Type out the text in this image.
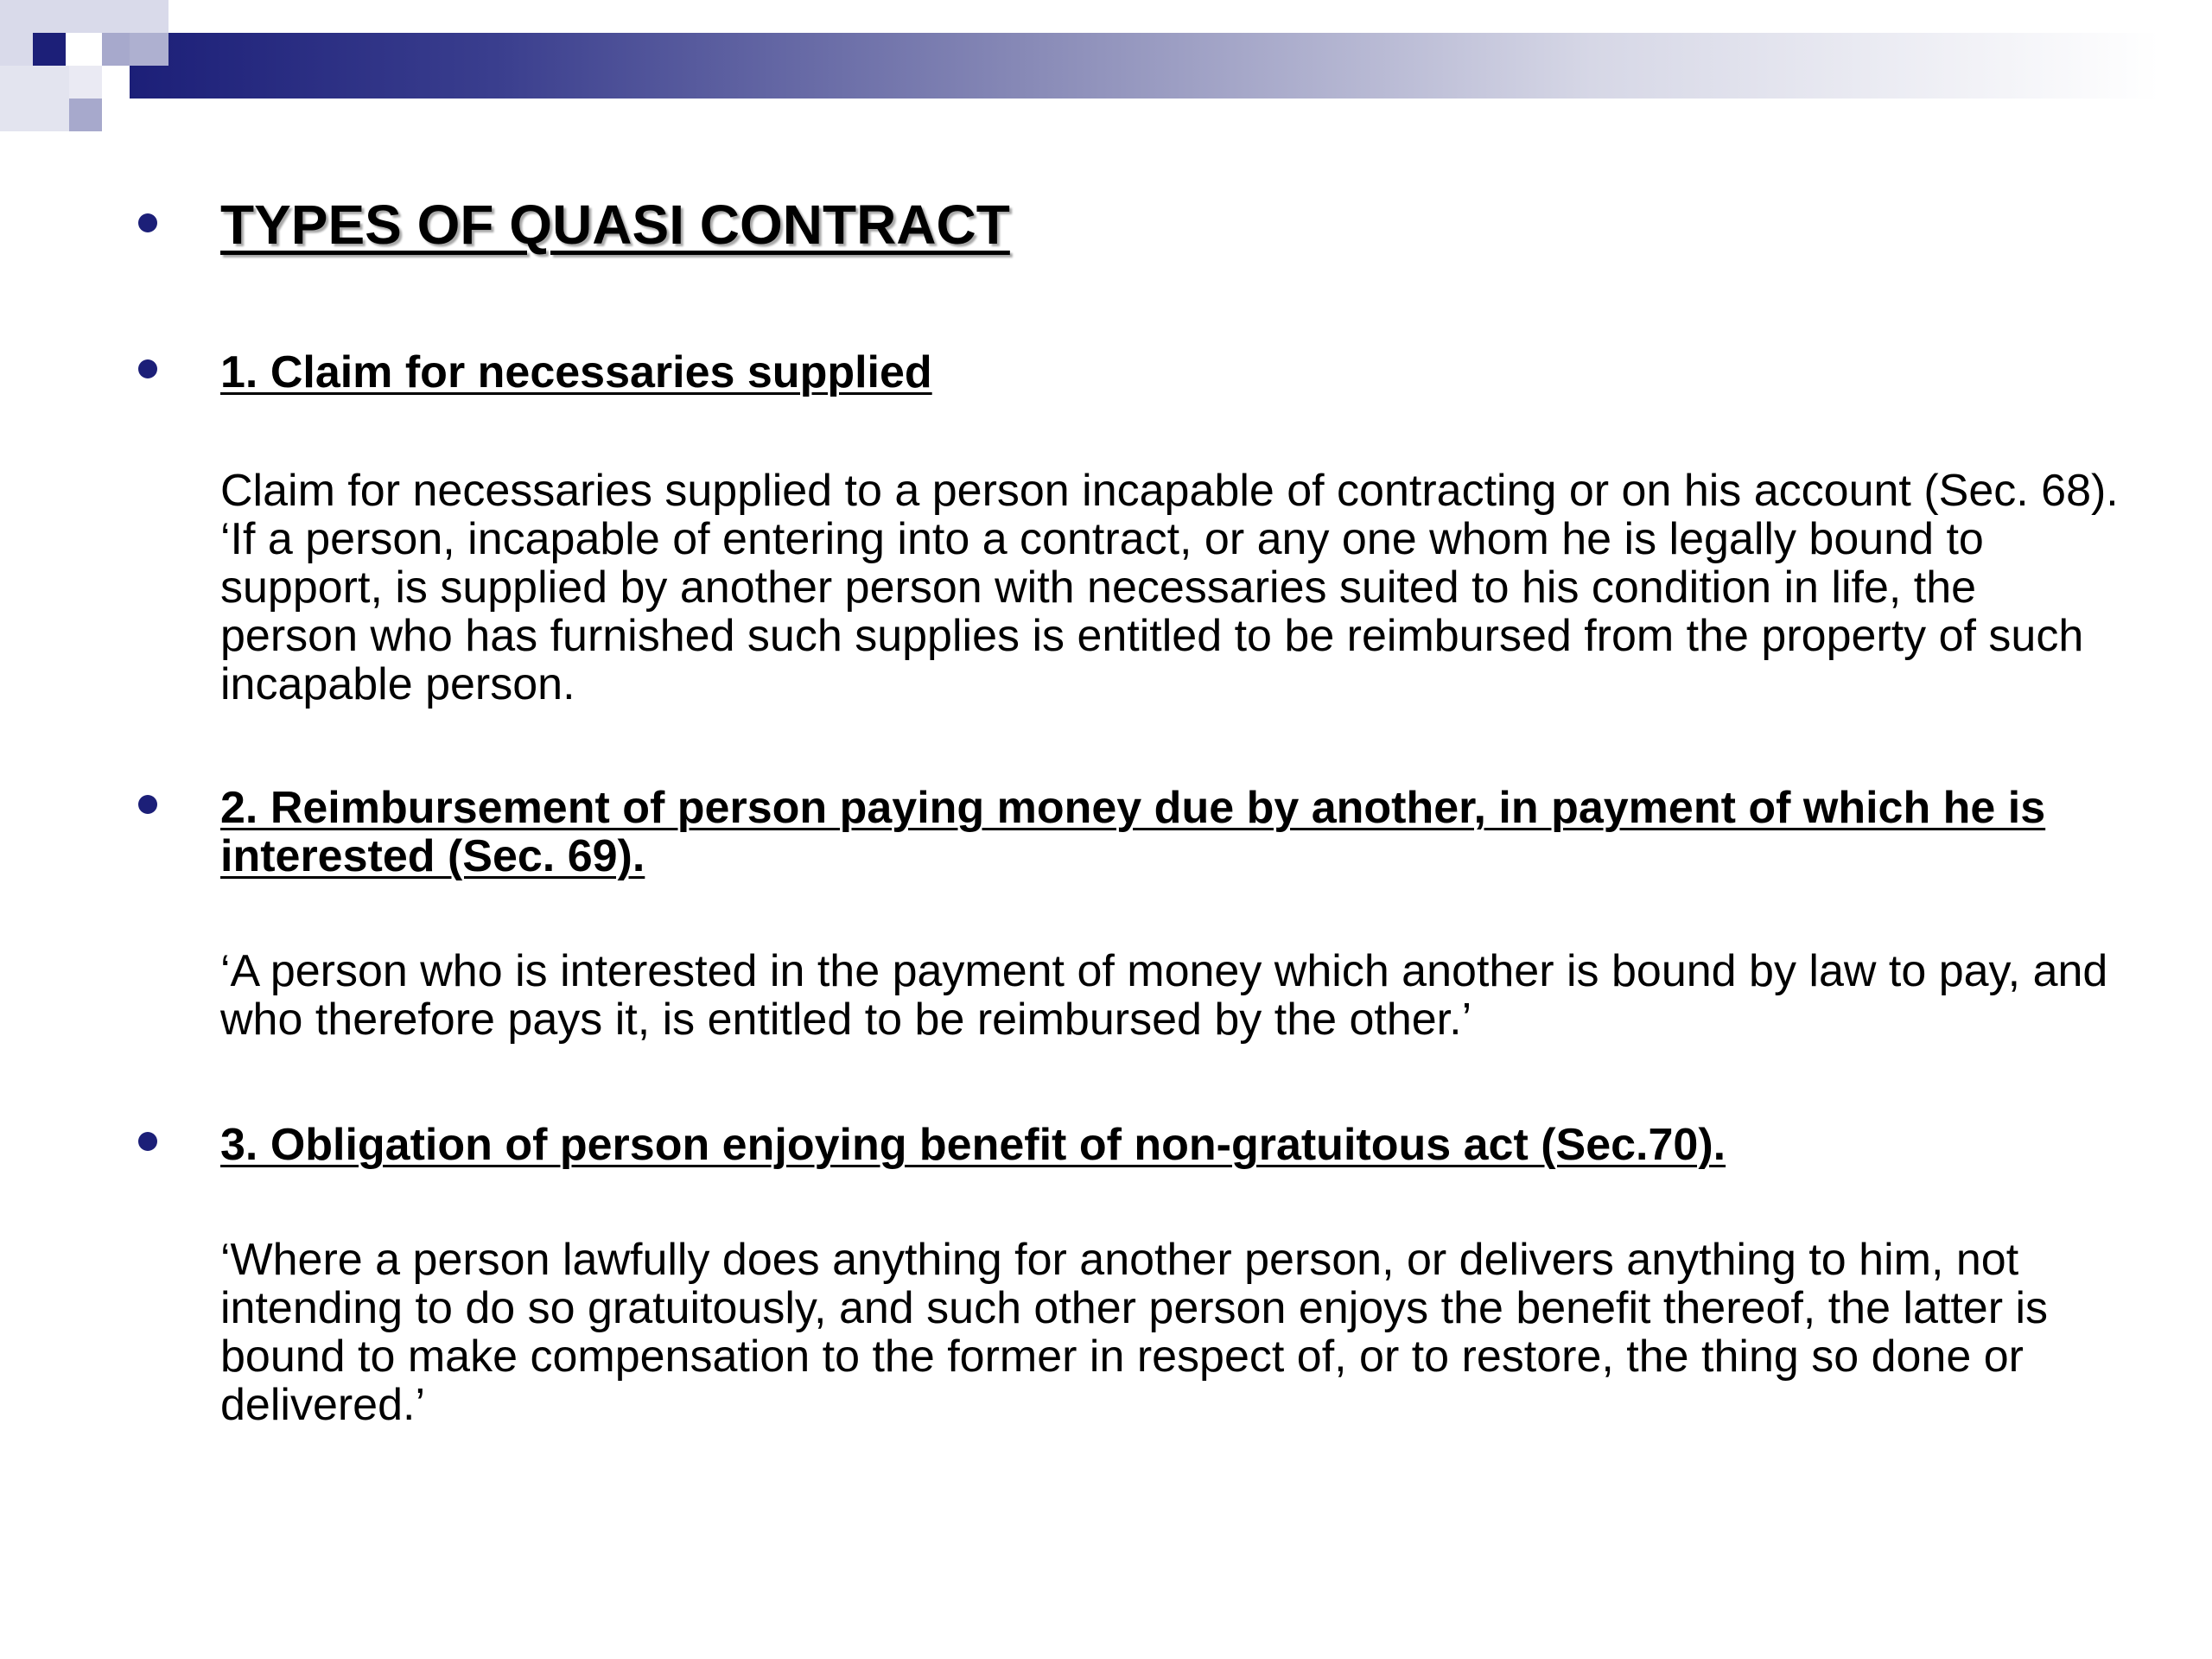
TYPES OF QUASI CONTRACT
1. Claim for necessaries supplied

Claim for necessaries supplied to a person incapable of contracting or on his account (Sec. 68). ‘If a person, incapable of entering into a contract, or any one whom he is legally bound to support, is supplied by another person with necessaries suited to his condition in life, the person who has furnished such supplies is entitled to be reimbursed from the property of such incapable person.

2. Reimbursement of person paying money due by another, in payment of which he is interested (Sec. 69).

‘A person who is interested in the payment of money which another is bound by law to pay, and who therefore pays it, is entitled to be reimbursed by the other.’

3. Obligation of person enjoying benefit of non-gratuitous act (Sec.70).

‘Where a person lawfully does anything for another person, or delivers anything to him, not intending to do so gratuitously, and such other person enjoys the benefit thereof, the latter is bound to make compensation to the former in respect of, or to restore, the thing so done or delivered.’
